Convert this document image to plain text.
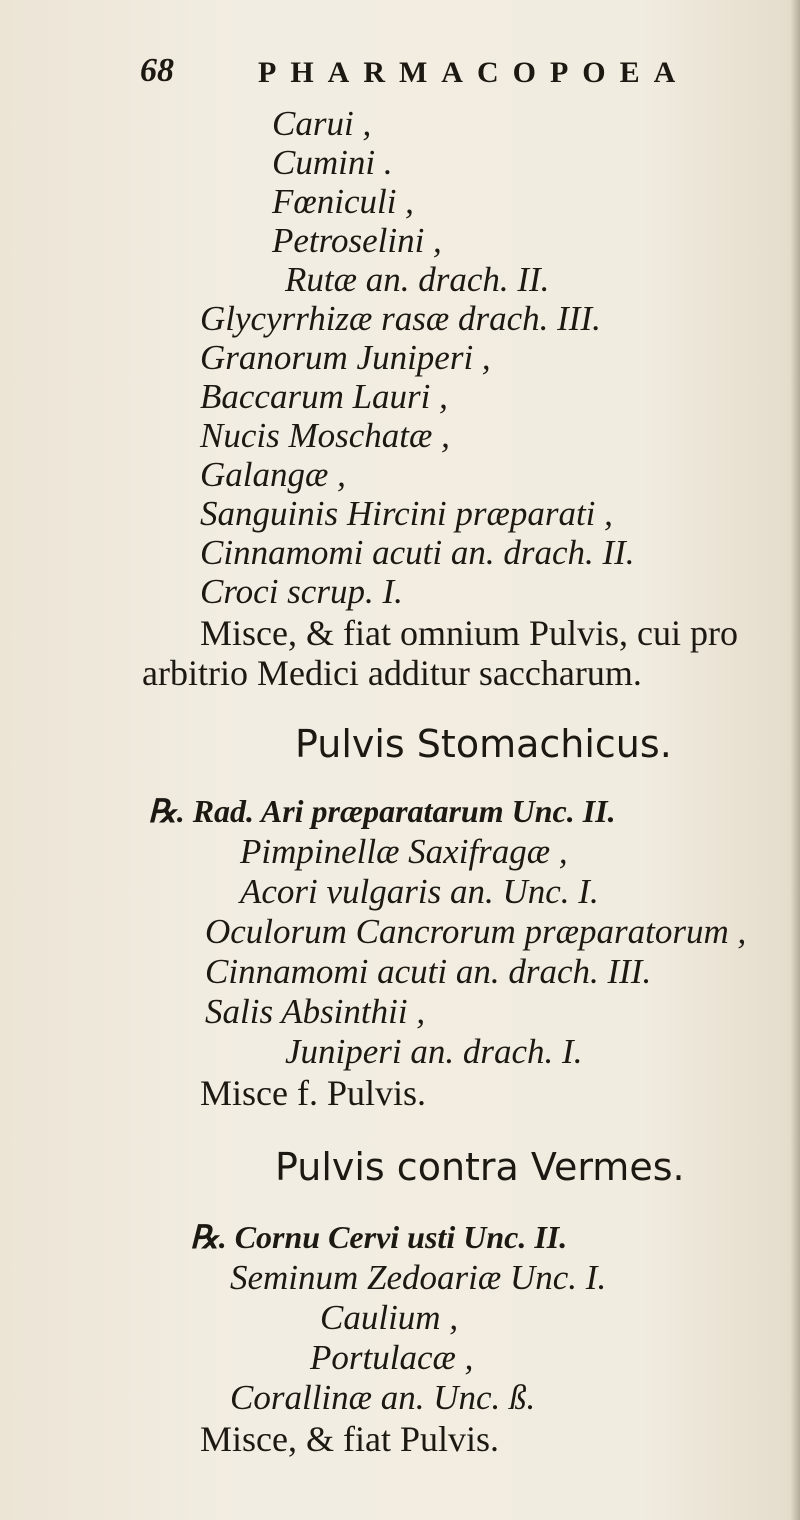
68	PHARMACOPOEA
Carui ,
Cumini .
Fœniculi ,
Petroselini ,
Rutæ an. drach. II.
Glycyrrhizæ rasæ drach. III.
Granorum Juniperi ,
Baccarum Lauri ,
Nucis Moschatæ ,
Galangæ ,
Sanguinis Hircini præparati ,
Cinnamomi acuti an. drach. II.
Croci scrup. I.
Misce, & fiat omnium Pulvis, cui pro
arbitrio Medici additur saccharum.
Pulvis Stomachicus.
℞. Rad. Ari præparatarum Unc. II.
Pimpinellæ Saxifragæ ,
Acori vulgaris an. Unc. I.
Oculorum Cancrorum præparatorum ,
Cinnamomi acuti an. drach. III.
Salis Absinthii ,
Juniperi an. drach. I.
Misce f. Pulvis.
Pulvis contra Vermes.
℞. Cornu Cervi usti Unc. II.
Seminum Zedoariæ Unc. I.
Caulium ,
Portulacæ ,
Corallinæ an. Unc. ß.
Misce, & fiat Pulvis.
